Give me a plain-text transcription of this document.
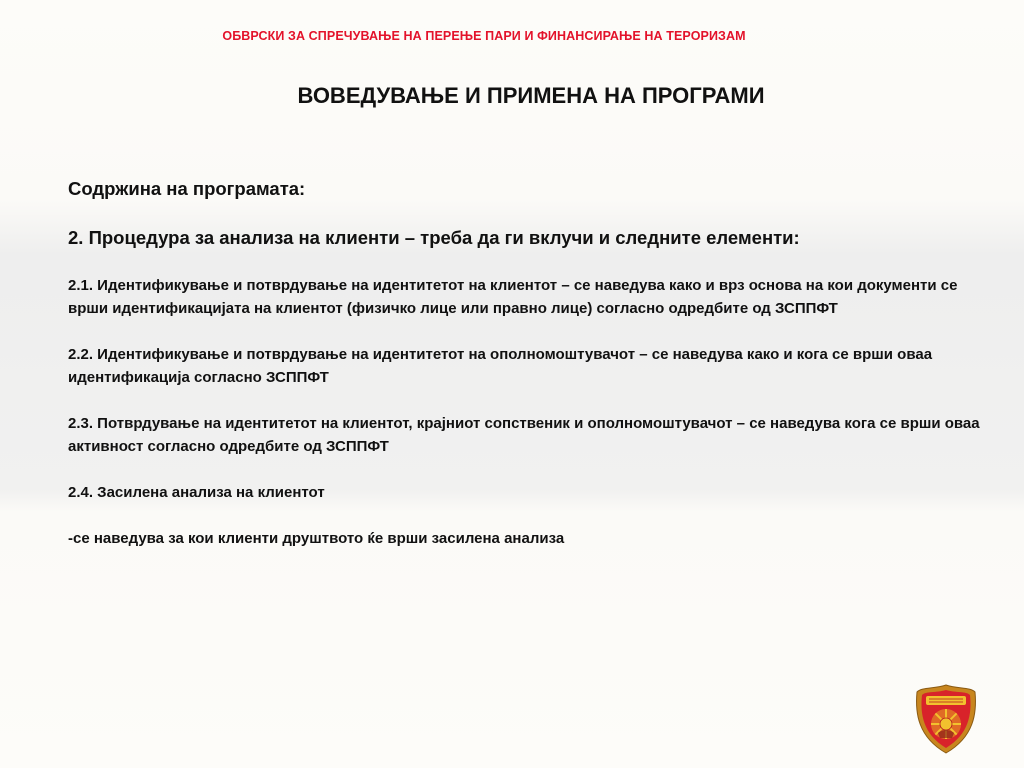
ОБВРСКИ ЗА СПРЕЧУВАЊЕ НА ПЕРЕЊЕ ПАРИ И ФИНАНСИРАЊЕ НА ТЕРОРИЗАМ
ВОВЕДУВАЊЕ И ПРИМЕНА НА ПРОГРАМИ

Содржина на програмата:

2. Процедура за анализа на клиенти – треба да ги вклучи и следните елементи:

2.1. Идентификување и потврдување на идентитетот на клиентот – се наведува како и врз основа на кои документи се врши идентификацијата на клиентот (физичко лице или правно лице) согласно одредбите од ЗСППФТ

2.2. Идентификување и потврдување на идентитетот на ополномоштувачот – се наведува како и кога се врши оваа идентификација согласно ЗСППФТ

2.3. Потврдување на идентитетот на клиентот, крајниот сопственик и ополномоштувачот – се наведува кога се врши оваа активност согласно одредбите од ЗСППФТ

2.4. Засилена анализа на клиентот

-се наведува за кои клиенти друштвото ќе врши засилена анализа
